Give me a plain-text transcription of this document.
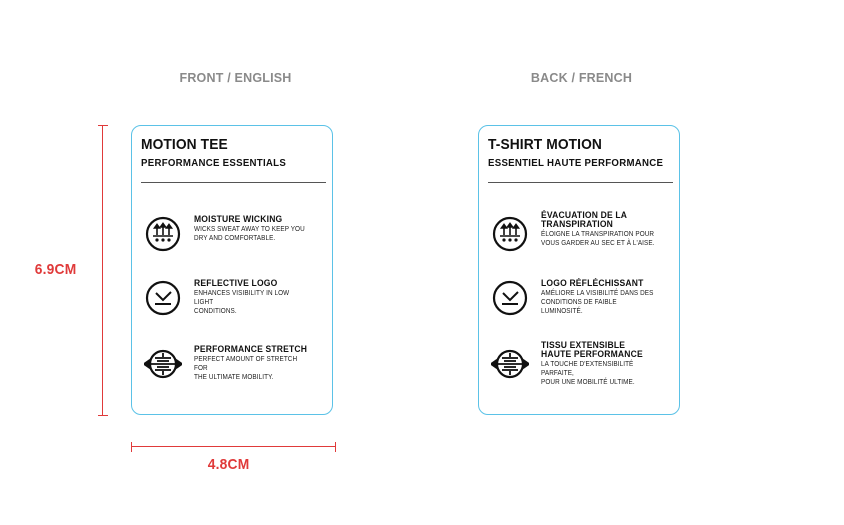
FRONT / ENGLISH
MOTION TEE
PERFORMANCE ESSENTIALS
MOISTURE WICKING
WICKS SWEAT AWAY TO KEEP YOU
DRY AND COMFORTABLE.
REFLECTIVE LOGO
ENHANCES VISIBILITY IN LOW LIGHT
CONDITIONS.
PERFORMANCE STRETCH
PERFECT AMOUNT OF STRETCH FOR
THE ULTIMATE MOBILITY.
BACK / FRENCH
T-SHIRT MOTION
ESSENTIEL HAUTE PERFORMANCE
ÉVACUATION DE LA
TRANSPIRATION
ÉLOIGNE LA TRANSPIRATION POUR
VOUS GARDER AU SEC ET À L'AISE.
LOGO RÉFLÉCHISSANT
AMÉLIORE LA VISIBILITÉ DANS DES
CONDITIONS DE FAIBLE LUMINOSITÉ.
TISSU EXTENSIBLE
HAUTE PERFORMANCE
LA TOUCHE D'EXTENSIBILITÉ PARFAITE,
POUR UNE MOBILITÉ ULTIME.
6.9CM
4.8CM
